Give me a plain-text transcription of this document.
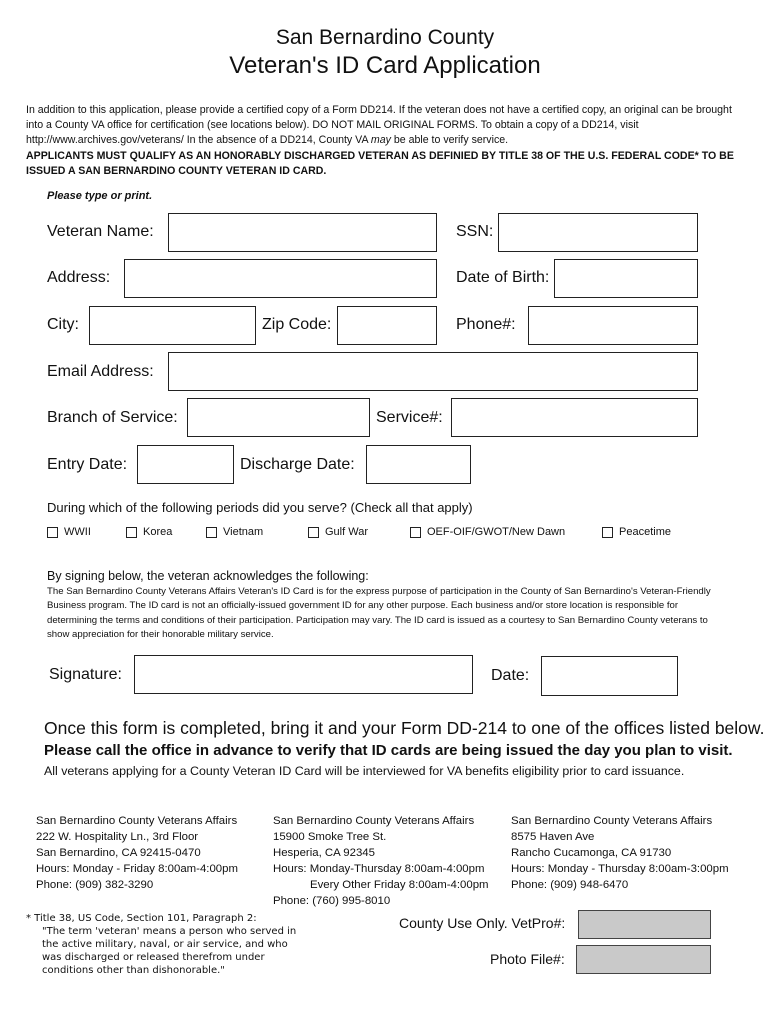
San Bernardino County
Veteran's ID Card Application
In addition to this application, please provide a certified copy of a Form DD214. If the veteran does not have a certified copy, an original can be brought into a County VA office for certification (see locations below). DO NOT MAIL ORIGINAL FORMS. To obtain a copy of a DD214, visit http://www.archives.gov/veterans/ In the absence of a DD214, County VA may be able to verify service.
APPLICANTS MUST QUALIFY AS AN HONORABLY DISCHARGED VETERAN AS DEFINIED BY TITLE 38 OF THE U.S. FEDERAL CODE* TO BE ISSUED A SAN BERNARDINO COUNTY VETERAN ID CARD.
Please type or print.
Veteran Name:	SSN:
Address:	Date of Birth:
City:	Zip Code:	Phone#:
Email Address:
Branch of Service:	Service#:
Entry Date:	Discharge Date:
During which of the following periods did you serve? (Check all that apply)
WWII	Korea	Vietnam	Gulf War	OEF-OIF/GWOT/New Dawn	Peacetime
By signing below, the veteran acknowledges the following:
The San Bernardino County Veterans Affairs Veteran's ID Card is for the express purpose of participation in the County of San Bernardino's Veteran-Friendly Business program. The ID card is not an officially-issued government ID for any other purpose. Each business and/or store location is responsible for determining the terms and conditions of their participation. Participation may vary. The ID card is issued as a courtesy to San Bernardino County veterans to show appreciation for their honorable military service.
Signature:	Date:
Once this form is completed, bring it and your Form DD-214 to one of the offices listed below.
Please call the office in advance to verify that ID cards are being issued the day you plan to visit.
All veterans applying for a County Veteran ID Card will be interviewed for VA benefits eligibility prior to card issuance.
San Bernardino County Veterans Affairs
222 W. Hospitality Ln., 3rd Floor
San Bernardino, CA 92415-0470
Hours: Monday - Friday 8:00am-4:00pm
Phone: (909) 382-3290
San Bernardino County Veterans Affairs
15900 Smoke Tree St.
Hesperia, CA 92345
Hours: Monday-Thursday 8:00am-4:00pm
Every Other Friday 8:00am-4:00pm
Phone: (760) 995-8010
San Bernardino County Veterans Affairs
8575 Haven Ave
Rancho Cucamonga, CA 91730
Hours: Monday - Thursday 8:00am-3:00pm
Phone: (909) 948-6470
* Title 38, US Code, Section 101, Paragraph 2:
"The term 'veteran' means a person who served in
the active military, naval, or air service, and who
was discharged or released therefrom under
conditions other than dishonorable."
County Use Only. VetPro#:
Photo File#:
